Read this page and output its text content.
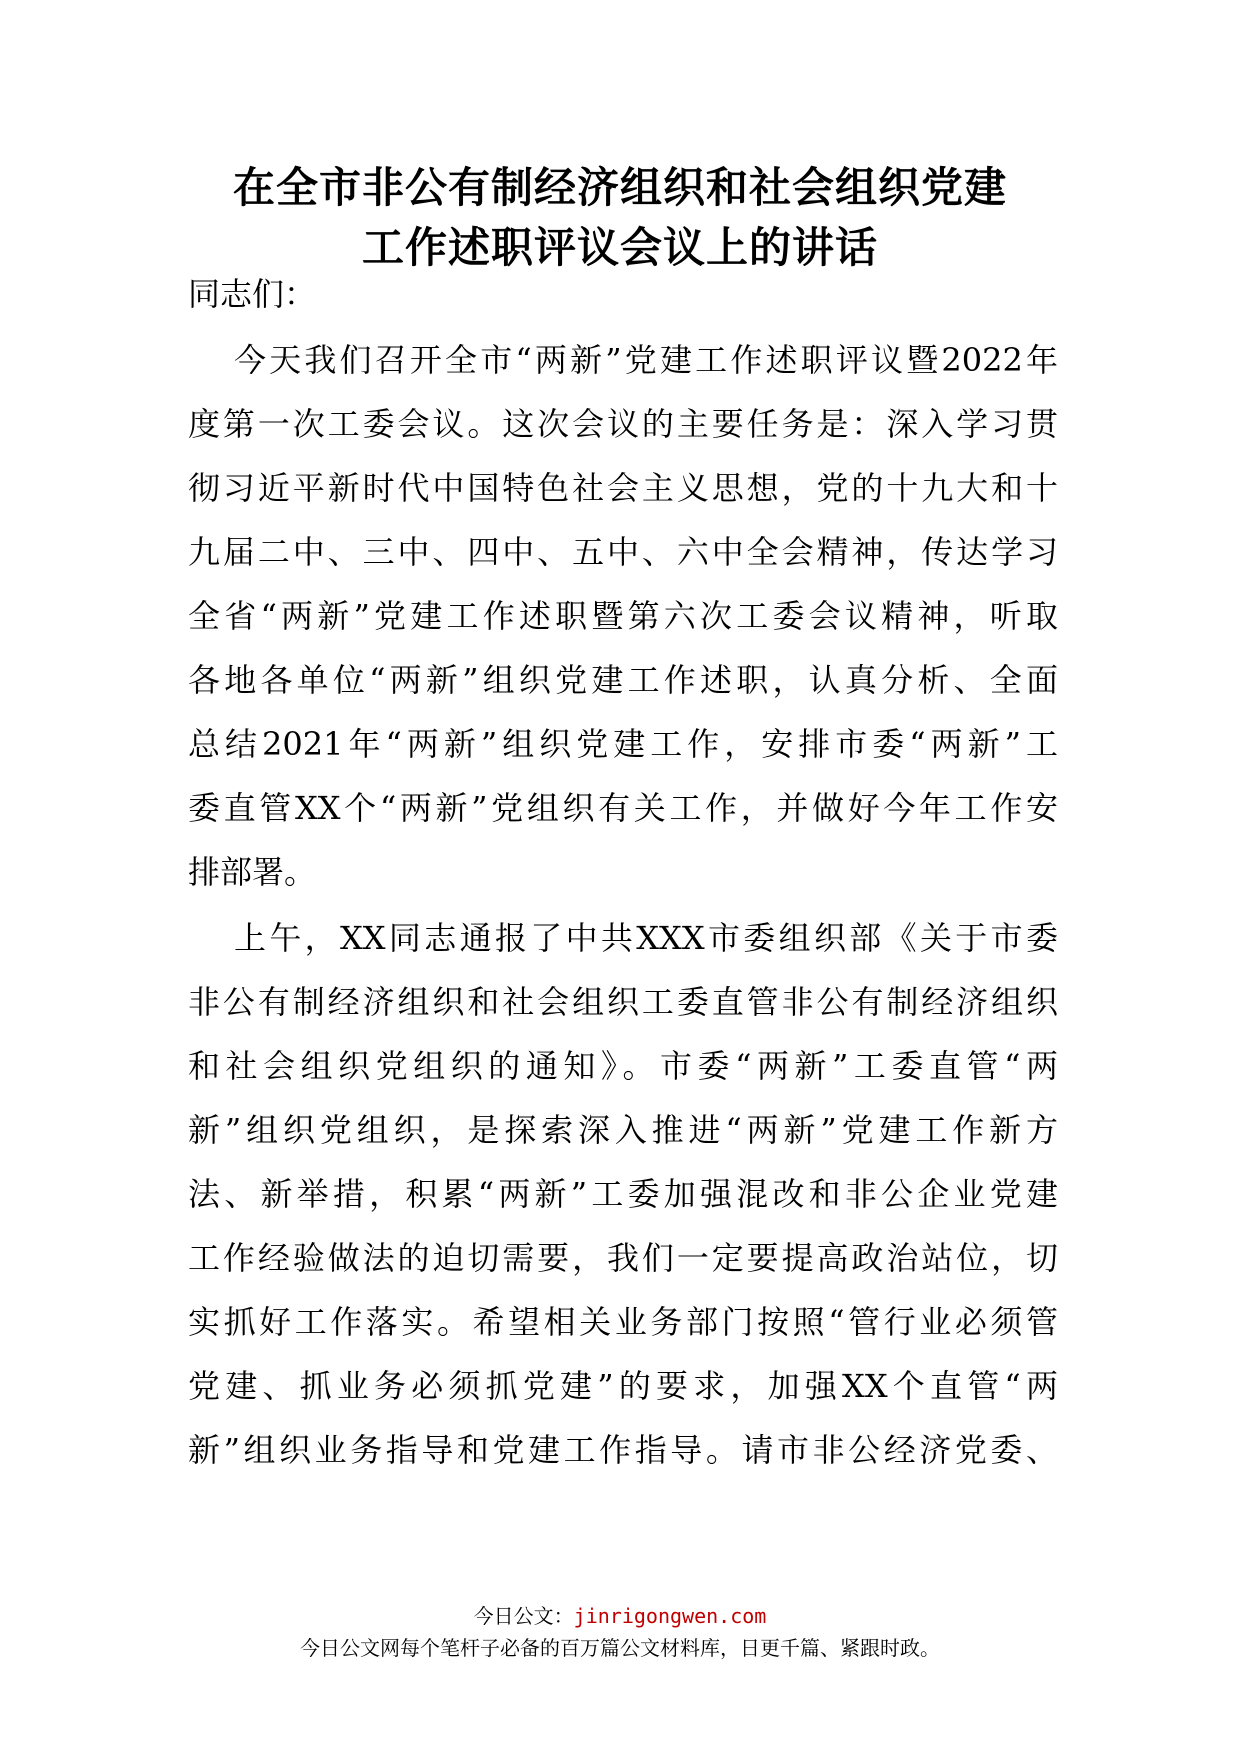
在全市非公有制经济组织和社会组织党建
工作述职评议会议上的讲话
同志们：
今天我们召开全市“两新”党建工作述职评议暨2022年
度第一次工委会议。这次会议的主要任务是：深入学习贯
彻习近平新时代中国特色社会主义思想，党的十九大和十
九届二中、三中、四中、五中、六中全会精神，传达学习
全省“两新”党建工作述职暨第六次工委会议精神，听取
各地各单位“两新”组织党建工作述职，认真分析、全面
总结2021年“两新”组织党建工作，安排市委“两新”工
委直管XX个“两新”党组织有关工作，并做好今年工作安
排部署。
上午，XX同志通报了中共XXX市委组织部《关于市委
非公有制经济组织和社会组织工委直管非公有制经济组织
和社会组织党组织的通知》。市委“两新”工委直管“两
新”组织党组织，是探索深入推进“两新”党建工作新方
法、新举措，积累“两新”工委加强混改和非公企业党建
工作经验做法的迫切需要，我们一定要提高政治站位，切
实抓好工作落实。希望相关业务部门按照“管行业必须管
党建、抓业务必须抓党建”的要求，加强XX个直管“两
新”组织业务指导和党建工作指导。请市非公经济党委、
今日公文：jinrigongwen.com
今日公文网每个笔杆子必备的百万篇公文材料库，日更千篇、紧跟时政。
